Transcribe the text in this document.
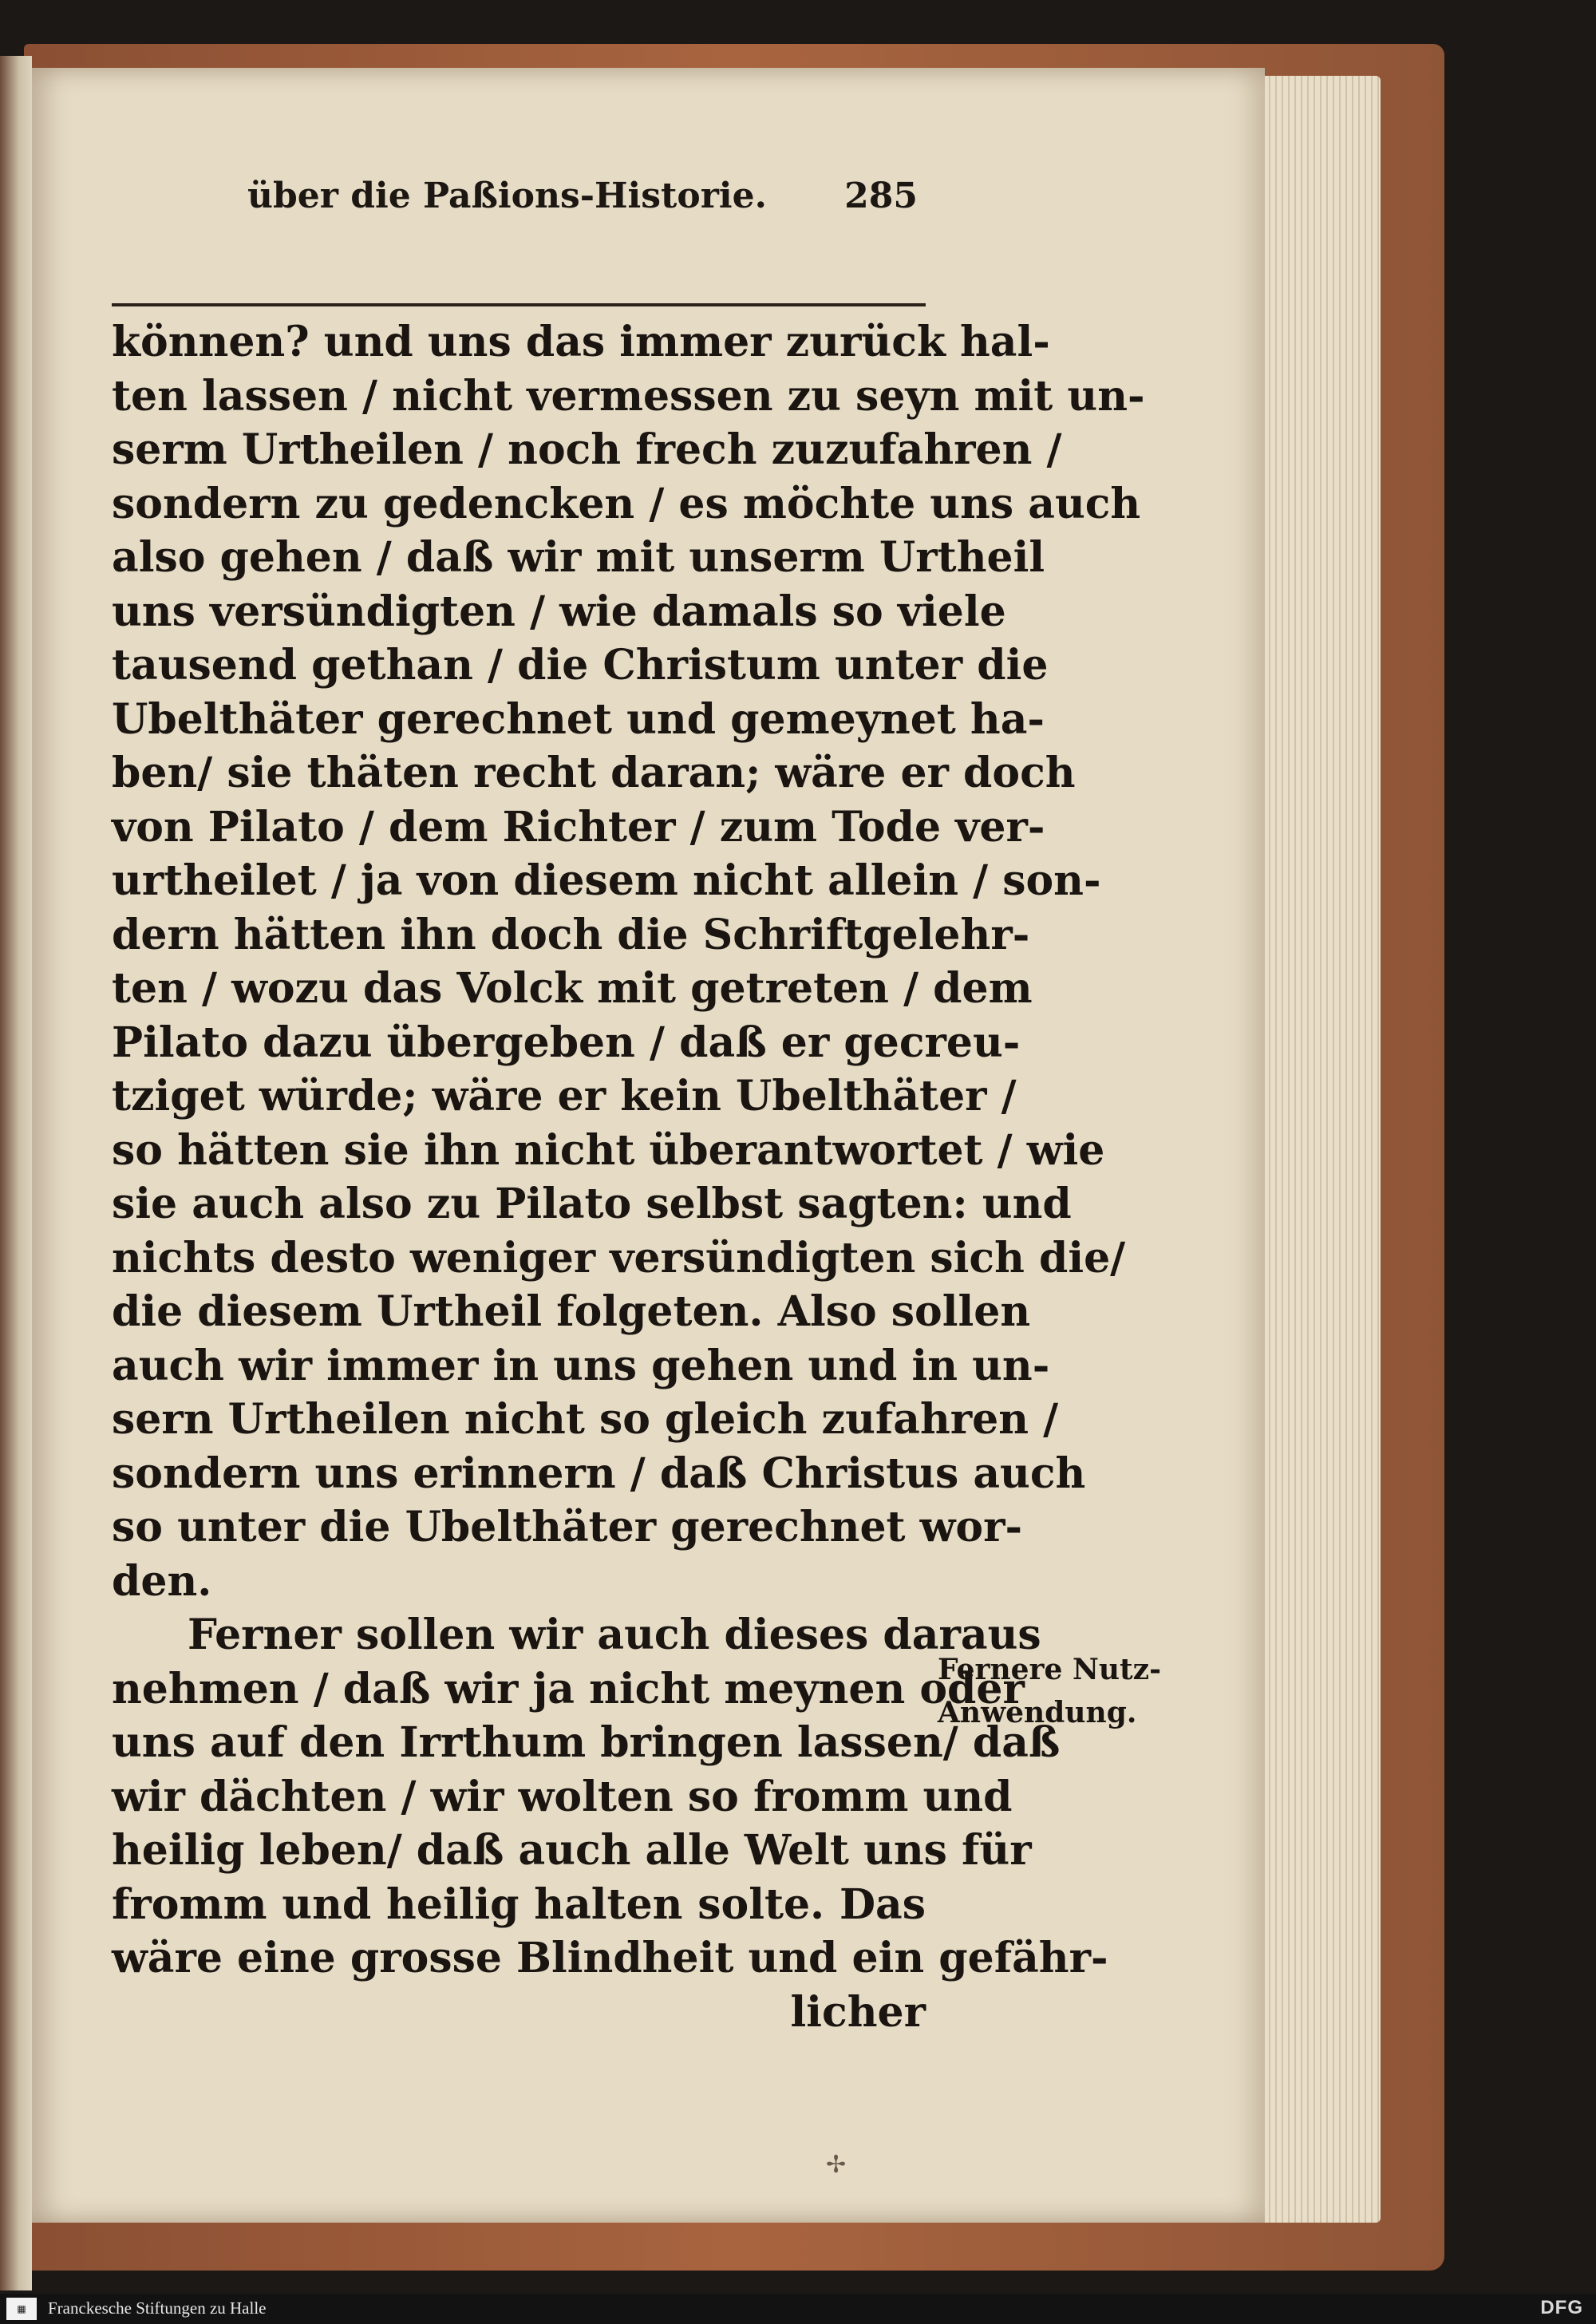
über die Paßions-Historie. 285
können? und uns das immer zurück hal-
ten lassen / nicht vermessen zu seyn mit un-
serm Urtheilen / noch frech zuzufahren /
sondern zu gedencken / es möchte uns auch
also gehen / daß wir mit unserm Urtheil
uns versündigten / wie damals so viele
tausend gethan / die Christum unter die
Ubelthäter gerechnet und gemeynet ha-
ben/ sie thäten recht daran; wäre er doch
von Pilato / dem Richter / zum Tode ver-
urtheilet / ja von diesem nicht allein / son-
dern hätten ihn doch die Schriftgelehr-
ten / wozu das Volck mit getreten / dem
Pilato dazu übergeben / daß er gecreu-
tziget würde; wäre er kein Ubelthäter /
so hätten sie ihn nicht überantwortet / wie
sie auch also zu Pilato selbst sagten: und
nichts desto weniger versündigten sich die/
die diesem Urtheil folgeten. Also sollen
auch wir immer in uns gehen und in un-
sern Urtheilen nicht so gleich zufahren /
sondern uns erinnern / daß Christus auch
so unter die Ubelthäter gerechnet wor-
den.
Ferner sollen wir auch dieses daraus
nehmen / daß wir ja nicht meynen oder
uns auf den Irrthum bringen lassen/ daß
wir dächten / wir wolten so fromm und
heilig leben/ daß auch alle Welt uns für
fromm und heilig halten solte. Das
wäre eine grosse Blindheit und ein gefähr-
licher
Fernere Nutz-
Anwendung.
✢
▦	Franckesche Stiftungen zu Halle	DFG
